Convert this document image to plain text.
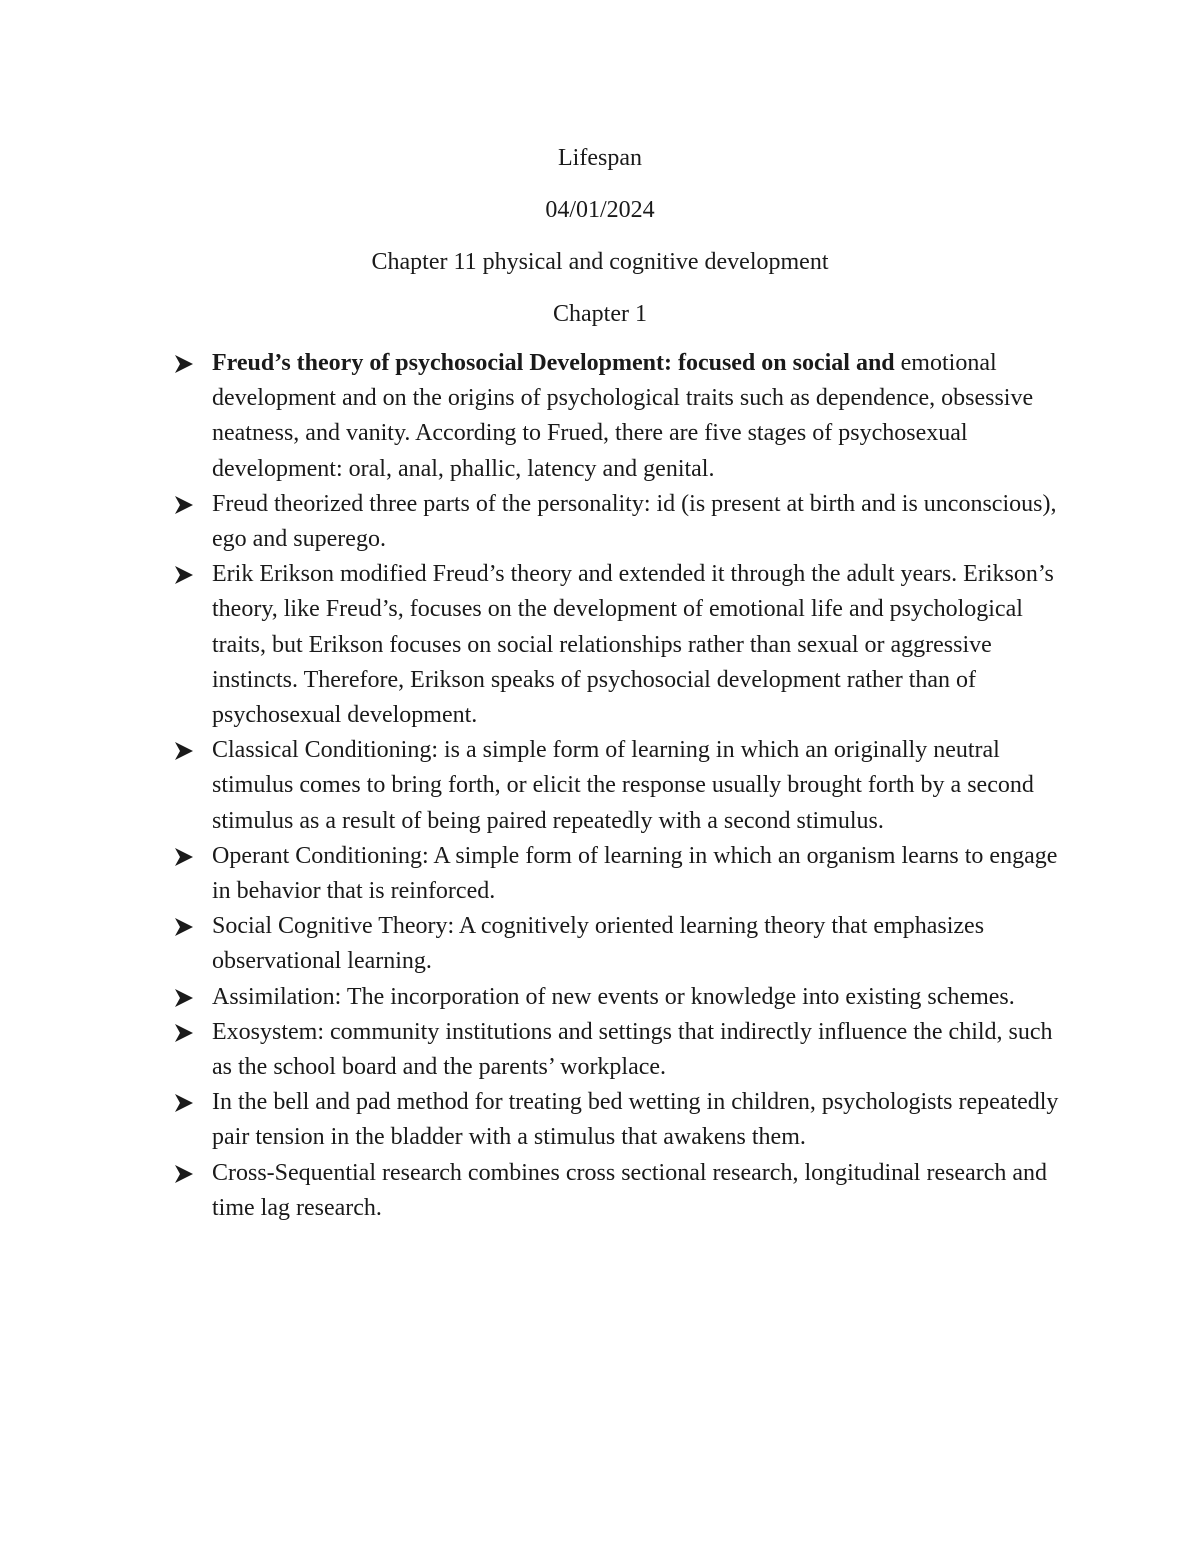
Lifespan
04/01/2024
Chapter 11 physical and cognitive development
Chapter 1
Freud’s theory of psychosocial Development: focused on social and emotional development and on the origins of psychological traits such as dependence, obsessive neatness, and vanity. According to Frued, there are five stages of psychosexual development: oral, anal, phallic, latency and genital.
Freud theorized three parts of the personality: id (is present at birth and is unconscious), ego and superego.
Erik Erikson modified Freud’s theory and extended it through the adult years. Erikson’s theory, like Freud’s, focuses on the development of emotional life and psychological traits, but Erikson focuses on social relationships rather than sexual or aggressive instincts. Therefore, Erikson speaks of psychosocial development rather than of psychosexual development.
Classical Conditioning: is a simple form of learning in which an originally neutral stimulus comes to bring forth, or elicit the response usually brought forth by a second stimulus as a result of being paired repeatedly with a second stimulus.
Operant Conditioning: A simple form of learning in which an organism learns to engage in behavior that is reinforced.
Social Cognitive Theory: A cognitively oriented learning theory that emphasizes observational learning.
Assimilation: The incorporation of new events or knowledge into existing schemes.
Exosystem: community institutions and settings that indirectly influence the child, such as the school board and the parents’ workplace.
In the bell and pad method for treating bed wetting in children, psychologists repeatedly pair tension in the bladder with a stimulus that awakens them.
Cross-Sequential research combines cross sectional research, longitudinal research and time lag research.
